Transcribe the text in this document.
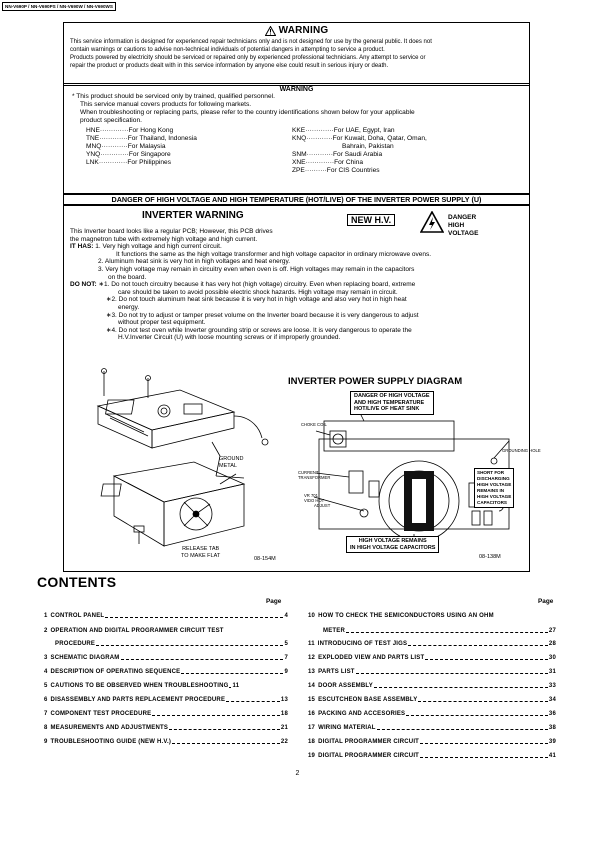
NN-V690P / NN-V690PS / NN-V690W / NN-V690WS
WARNING
This service information is designed for experienced repair technicians only and is not designed for use by the general public. It does not
contain warnings or cautions to advise non-technical individuals of potential dangers in attempting to service a product.
Products powered by electricity should be serviced or repaired only by experienced professional technicians. Any attempt to service or
repair the product or products dealt with in this service information by anyone else could result in serious injury or death.
WARNING
* This product should be serviced only by trained, qualified personnel.
This service manual covers products for following markets.
When troubleshooting or replacing parts, please refer to the country identifications shown below for your applicable
product specification.
HNE·············For Hong Kong
TNE·············For Thailand, Indonesia
MNQ············For Malaysia
YNQ·············For Singapore
LNK·············For Philippines
KKE·············For UAE, Egypt, Iran
KNQ············For Kuwait, Doha, Qatar, Oman,
Bahrain, Pakistan
SNM············For Saudi Arabia
XNE·············For China
ZPE··········For CIS Countries
DANGER OF HIGH VOLTAGE AND HIGH TEMPERATURE (HOT/LIVE) OF THE INVERTER POWER SUPPLY (U)
INVERTER WARNING	NEW H.V.	DANGER
HIGH
VOLTAGE
This Inverter board looks like a regular PCB; However, this PCB drives
the magnetron tube with extremely high voltage and high current.
IT HAS: 1. Very high voltage and high current circuit.
It functions the same as the high voltage transformer and high voltage capacitor in ordinary microwave ovens.
2. Aluminum heat sink is very hot in high voltages and heat energy.
3. Very high voltage may remain in circuitry even when oven is off. High voltages may remain in the capacitors
on the board.
DO NOT: ∗1. Do not touch circuitry because it has very hot (high voltage) circuitry. Even when replacing board, extreme
care should be taken to avoid possible electric shock hazards. High voltage may remain in circuit.
∗2. Do not touch aluminum heat sink because it is very hot in high voltage and also very hot in high heat
energy.
∗3. Do not try to adjust or tamper preset volume on the Inverter board because it is very dangerous to adjust
without proper test equipment.
∗4. Do not test oven while Inverter grounding strip or screws are loose. It is very dangerous to operate the
H.V.Inverter Circuit (U) with loose mounting screws or if improperly grounded.
INVERTER POWER SUPPLY DIAGRAM
GROUND
METAL
RELEASE TAB
TO MAKE FLAT
08-154M
DANGER OF HIGH VOLTAGE
AND HIGH TEMPERATURE
HOT/LIVE OF HEAT SINK
CHOKE COIL
GROUNDING HOLE
CURRENT
TRANSFORMER
VR 701
VIDO HOT
ADJUST
SHORT FOR
DISCHARGING
HIGH VOLTAGE
REMAINS IN
HIGH VOLTAGE
CAPACITORS
HIGH VOLTAGE REMAINS
IN HIGH VOLTAGE CAPACITORS
08-138M
CONTENTS
Page	Page
1 CONTROL PANEL	4
2 OPERATION AND DIGITAL PROGRAMMER CIRCUIT TEST
PROCEDURE	5
3 SCHEMATIC DIAGRAM	7
4 DESCRIPTION OF OPERATING SEQUENCE	9
5 CAUTIONS TO BE OBSERVED WHEN TROUBLESHOOTING 11
6 DISASSEMBLY AND PARTS REPLACEMENT PROCEDURE	13
7 COMPONENT TEST PROCEDURE	18
8 MEASUREMENTS AND ADJUSTMENTS	21
9 TROUBLESHOOTING GUIDE (NEW H.V.)	22
10 HOW TO CHECK THE SEMICONDUCTORS USING AN OHM
METER	27
11 INTRODUCING OF TEST JIGS	28
12 EXPLODED VIEW AND PARTS LIST	30
13 PARTS LIST	31
14 DOOR ASSEMBLY	33
15 ESCUTCHEON BASE ASSEMBLY	34
16 PACKING AND ACCESORIES	36
17 WIRING MATERIAL	38
18 DIGITAL PROGRAMMER CIRCUIT	39
19 DIGITAL PROGRAMMER CIRCUIT	41
2
